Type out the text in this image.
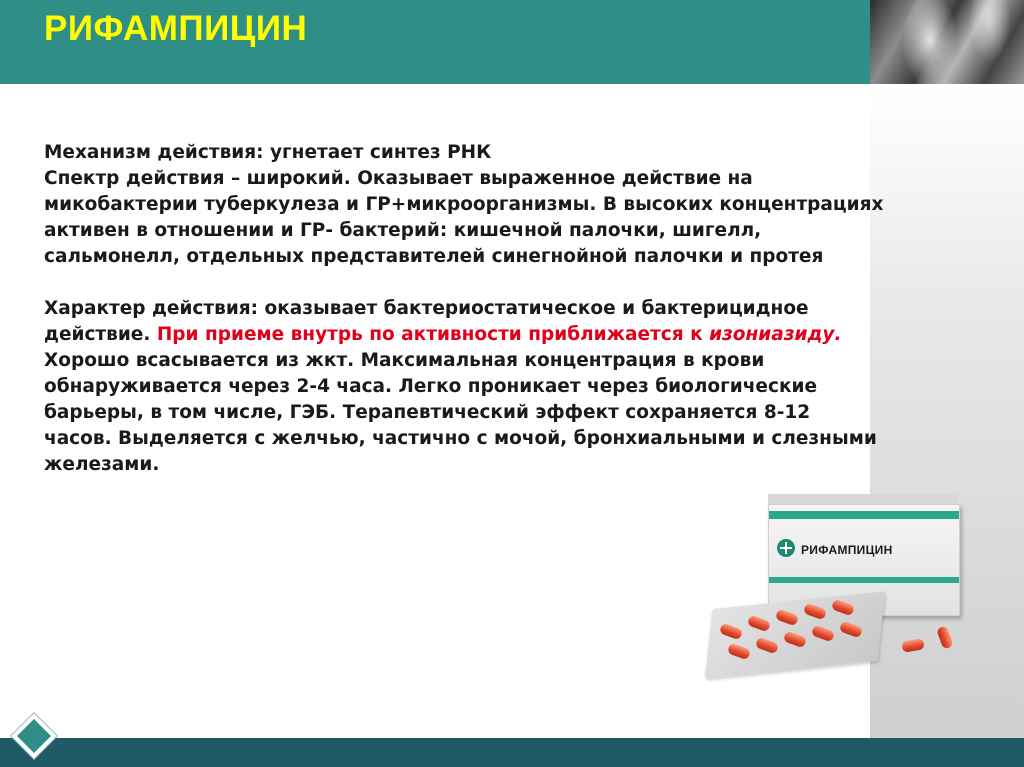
РИФАМПИЦИН

Механизм действия: угнетает синтез РНК

Спектр действия – широкий. Оказывает выраженное действие на микобактерии туберкулеза и ГР+микроорганизмы. В высоких концентрациях активен в отношении и ГР- бактерий: кишечной палочки, шигелл, сальмонелл, отдельных представителей синегнойной палочки и протея

Характер действия: оказывает бактериостатическое и бактерицидное действие. При приеме внутрь по активности приближается к изониазиду. Хорошо всасывается из жкт. Максимальная концентрация в крови обнаруживается через 2-4 часа. Легко проникает через биологические барьеры, в том числе, ГЭБ. Терапевтический эффект сохраняется 8-12 часов. Выделяется с желчью, частично с мочой, бронхиальными и слезными железами.

РИФАМПИЦИН
